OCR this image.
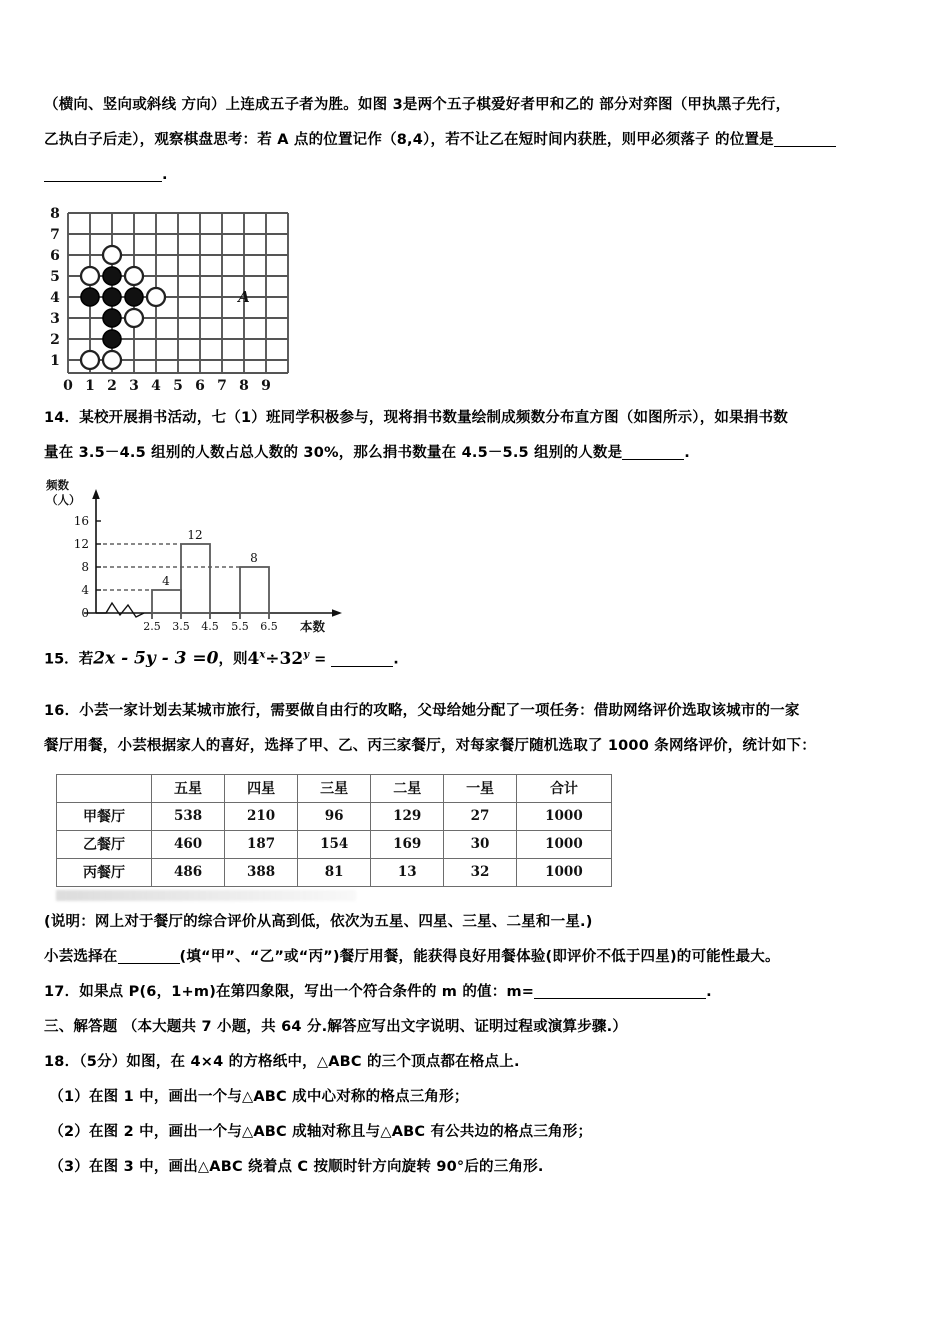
（横向、竖向或斜线 方向）上连成五子者为胜。如图 3是两个五子棋爱好者甲和乙的 部分对弈图（甲执黑子先行，
乙执白子后走），观察棋盘思考：若 A 点的位置记作（8,4），若不让乙在短时间内获胜，则甲必须落子 的位置是
.
8
7
6
5
4
3
2
1
A
0 1 2 3 4 5 6 7 8 9
14．某校开展捐书活动，七（1）班同学积极参与，现将捐书数量绘制成频数分布直方图（如图所示），如果捐书数
量在 3.5－4.5 组别的人数占总人数的 30%，那么捐书数量在 4.5－5.5 组别的人数是	.
频数
（人）
0
4
8
12
16
2.5 3.5 4.5 5.5 6.5 本数
4
12
8
15．若2x - 5y - 3 =0，则$4^x\div 32^y$ =	.
16．小芸一家计划去某城市旅行，需要做自由行的攻略，父母给她分配了一项任务：借助网络评价选取该城市的一家
餐厅用餐，小芸根据家人的喜好，选择了甲、乙、丙三家餐厅，对每家餐厅随机选取了 1000 条网络评价，统计如下：
	五星	四星	三星	二星	一星	合计
甲餐厅	538	210	96	129	27	1000
乙餐厅	460	187	154	169	30	1000
丙餐厅	486	388	81	13	32	1000
(说明：网上对于餐厅的综合评价从高到低，依次为五星、四星、三星、二星和一星.)
小芸选择在	(填“甲”、“乙”或“丙”)餐厅用餐，能获得良好用餐体验(即评价不低于四星)的可能性最大。
17．如果点 P(6，1+m)在第四象限，写出一个符合条件的 m 的值：m=	.
三、解答题 （本大题共 7 小题，共 64 分.解答应写出文字说明、证明过程或演算步骤.）
18．（5分）如图，在 4×4 的方格纸中，△ABC 的三个顶点都在格点上.
（1）在图 1 中，画出一个与△ABC 成中心对称的格点三角形；
（2）在图 2 中，画出一个与△ABC 成轴对称且与△ABC 有公共边的格点三角形；
（3）在图 3 中，画出△ABC 绕着点 C 按顺时针方向旋转 90°后的三角形.
